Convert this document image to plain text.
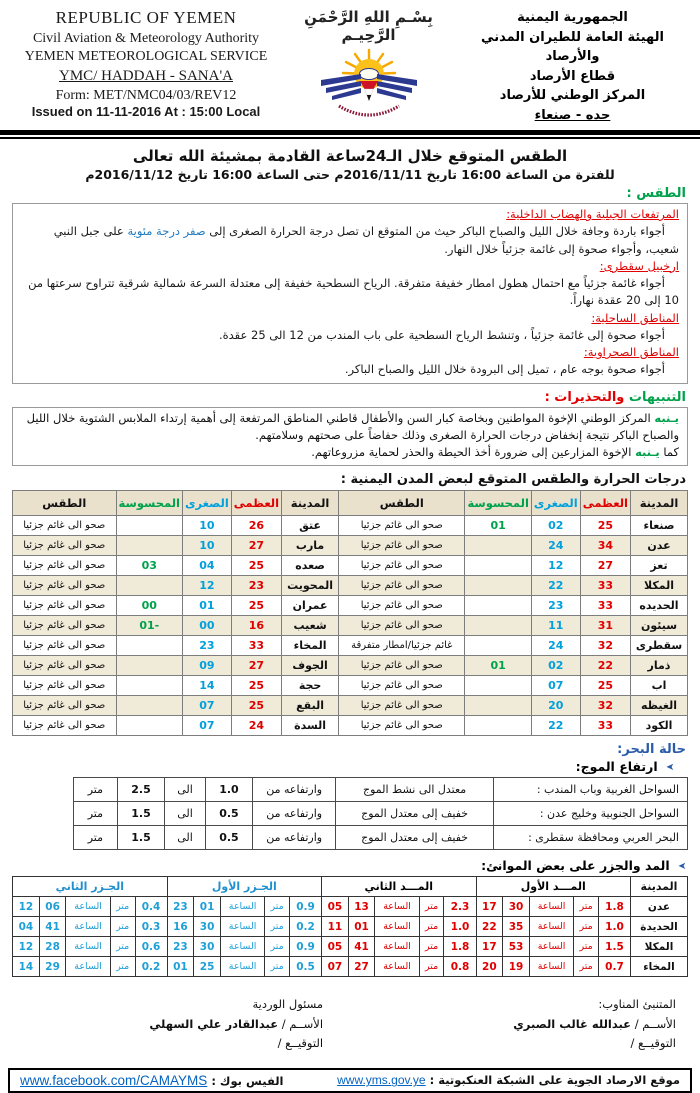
REPUBLIC OF YEMEN
Civil Aviation & Meteorology Authority
YEMEN METEOROLOGICAL SERVICE
YMC/ HADDAH - SANA'A
Form: MET/NMC04/03/REV12
Issued on 11-11-2016 At : 15:00 Local
بِسْـمِ اللهِ الرَّحْمَنِ الرَّحِيـم
الجمهورية اليمنية
الهيئة العامة للطيران المدني والأرصاد
قطاع الأرصاد
المركز الوطني للأرصاد
حده - صنعاء
الطقس المتوقع خلال الـ24ساعة القادمة بمشيئة الله تعالى
للفترة من الساعة 16:00 تاريخ 2016/11/11م حتى الساعة 16:00 تاريخ 2016/11/12م
الطقس :
المرتفعات الجبلية والهضاب الداخلية:
أجواء باردة وجافة خلال الليل والصباح الباكر حيث من المتوقع ان تصل درجة الحرارة الصغرى إلى صفر درجة مئوية على جبل النبي شعيب، وأجواء صحوة إلى غائمة جزئياً خلال النهار.
ارخبيل سقطرى:
أجواء غائمة جزئياً مع احتمال هطول امطار خفيفة متفرقة. الرياح السطحية خفيفة إلى معتدلة السرعة شمالية شرقية تتراوح سرعتها من 10 إلى 20 عقدة نهاراً.
المناطق الساحلية:
أجواء صحوة إلى غائمة جزئياً ، وتنشط الرياح السطحية على باب المندب من 12 الى 25 عقدة.
المناطق الصحراوية:
أجواء صحوة بوجه عام ، تميل إلى البرودة خلال الليل والصباح الباكر.
التنبيهات والتحذيرات :
يـنبه المركز الوطني الإخوة المواطنين وبخاصة كبار السن والأطفال قاطني المناطق المرتفعة إلى أهمية إرتداء الملابس الشتوية خلال الليل والصباح الباكر نتيجة إنخفاض درجات الحرارة الصغرى وذلك حفاضاً على صحتهم وسلامتهم.
كما يـنبه الإخوة المزارعين إلى ضرورة أخذ الحيطة والحذر لحماية مزروعاتهم.
درجات الحرارة والطقس المتوقع لبعض المدن اليمنية :
المدينة	العظمى	الصغرى	المحسوسة	الطقس	المدينة	العظمى	الصغرى	المحسوسة	الطقس
صنعاء	25	02	01	صحو الى غائم جزئيا	عتق	26	10		صحو الى غائم جزئيا
عدن	34	24		صحو الى غائم جزئيا	مارب	27	10		صحو الى غائم جزئيا
تعز	27	12		صحو الى غائم جزئيا	صعده	25	04	03	صحو الى غائم جزئيا
المكلا	33	22		صحو الى غائم جزئيا	المحويت	23	12		صحو الى غائم جزئيا
الحديده	33	23		صحو الى غائم جزئيا	عمران	25	01	00	صحو الى غائم جزئيا
سيئون	31	11		صحو الى غائم جزئيا	شعيب	16	00	-01	صحو الى غائم جزئيا
سقطرى	32	24		غائم جزئيا/امطار متفرقة	المخاء	33	23		صحو الى غائم جزئيا
ذمار	22	02	01	صحو الى غائم جزئيا	الجوف	27	09		صحو الى غائم جزئيا
اب	25	07		صحو الى غائم جزئيا	حجة	25	14		صحو الى غائم جزئيا
الغيظه	32	20		صحو الى غائم جزئيا	البقع	25	07		صحو الى غائم جزئيا
الكود	33	22		صحو الى غائم جزئيا	السدة	24	07		صحو الى غائم جزئيا
حالة البحر:
➤ارتفاع الموج:
السواحل الغربية وباب المندب :	معتدل الى نشط الموج	وارتفاعه من	1.0	الى	2.5	متر
السواحل الجنوبية وخليج عدن :	خفيف إلى معتدل الموج	وارتفاعه من	0.5	الى	1.5	متر
البحر العربي ومحافظة سقطرى :	خفيف إلى معتدل الموج	وارتفاعه من	0.5	الى	1.5	متر
➤المد والجزر على بعض الموانئ:
المدينة	المـــد الأول					المـــد الثاني					الجـزر الأول					الجـزر الثاني				
عدن	1.8	متر	الساعة	30	17	2.3	متر	الساعة	13	05	0.9	متر	الساعة	01	23	0.4	متر	الساعة	06	12
الحديدة	1.0	متر	الساعة	35	22	1.0	متر	الساعة	01	11	0.2	متر	الساعة	30	16	0.3	متر	الساعة	41	04
المكلا	1.5	متر	الساعة	53	17	1.8	متر	الساعة	41	05	0.9	متر	الساعة	30	23	0.6	متر	الساعة	28	12
المخاء	0.7	متر	الساعة	19	20	0.8	متر	الساعة	27	07	0.5	متر	الساعة	25	01	0.2	متر	الساعة	29	14
المتنبئ المناوب:
الأســم / عبدالله غالب الصبري
التوقيــع /
مسئول الوردية
الأســم / عبدالقادر علي السهلي
التوقيــع /
موقع الارصاد الجوية على الشبكة العنكبوتية : www.yms.gov.ye
الفيس بوك : www.facebook.com/CAMAYMS
